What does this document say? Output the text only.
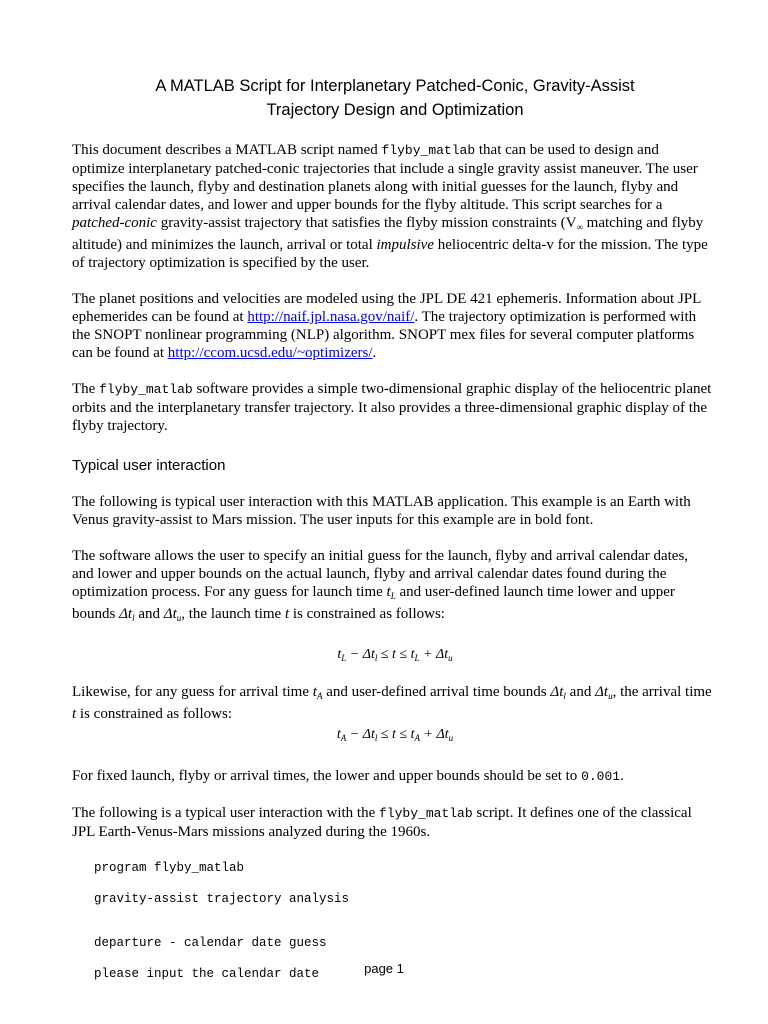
A MATLAB Script for Interplanetary Patched-Conic, Gravity-Assist
Trajectory Design and Optimization

This document describes a MATLAB script named flyby_matlab that can be used to design and optimize interplanetary patched-conic trajectories that include a single gravity assist maneuver. The user specifies the launch, flyby and destination planets along with initial guesses for the launch, flyby and arrival calendar dates, and lower and upper bounds for the flyby altitude. This script searches for a patched-conic gravity-assist trajectory that satisfies the flyby mission constraints ($V_\infty$ matching and flyby altitude) and minimizes the launch, arrival or total impulsive heliocentric delta-v for the mission. The type of trajectory optimization is specified by the user.

The planet positions and velocities are modeled using the JPL DE 421 ephemeris. Information about JPL ephemerides can be found at http://naif.jpl.nasa.gov/naif/. The trajectory optimization is performed with the SNOPT nonlinear programming (NLP) algorithm. SNOPT mex files for several computer platforms can be found at http://ccom.ucsd.edu/~optimizers/.

The flyby_matlab software provides a simple two-dimensional graphic display of the heliocentric planet orbits and the interplanetary transfer trajectory. It also provides a three-dimensional graphic display of the flyby trajectory.

Typical user interaction

The following is typical user interaction with this MATLAB application. This example is an Earth with Venus gravity-assist to Mars mission. The user inputs for this example are in bold font.

The software allows the user to specify an initial guess for the launch, flyby and arrival calendar dates, and lower and upper bounds on the actual launch, flyby and arrival calendar dates found during the optimization process. For any guess for launch time $t_L$ and user-defined launch time lower and upper bounds $\Delta t_l$ and $\Delta t_u$, the launch time t is constrained as follows:

$t_L - \Delta t_l \le t \le t_L + \Delta t_u$

Likewise, for any guess for arrival time $t_A$ and user-defined arrival time bounds $\Delta t_l$ and $\Delta t_u$, the arrival time t is constrained as follows:

$t_A - \Delta t_l \le t \le t_A + \Delta t_u$

For fixed launch, flyby or arrival times, the lower and upper bounds should be set to 0.001.

The following is a typical user interaction with the flyby_matlab script. It defines one of the classical JPL Earth-Venus-Mars missions analyzed during the 1960s.

program flyby_matlab
gravity-assist trajectory analysis
departure - calendar date guess
please input the calendar date	page 1
